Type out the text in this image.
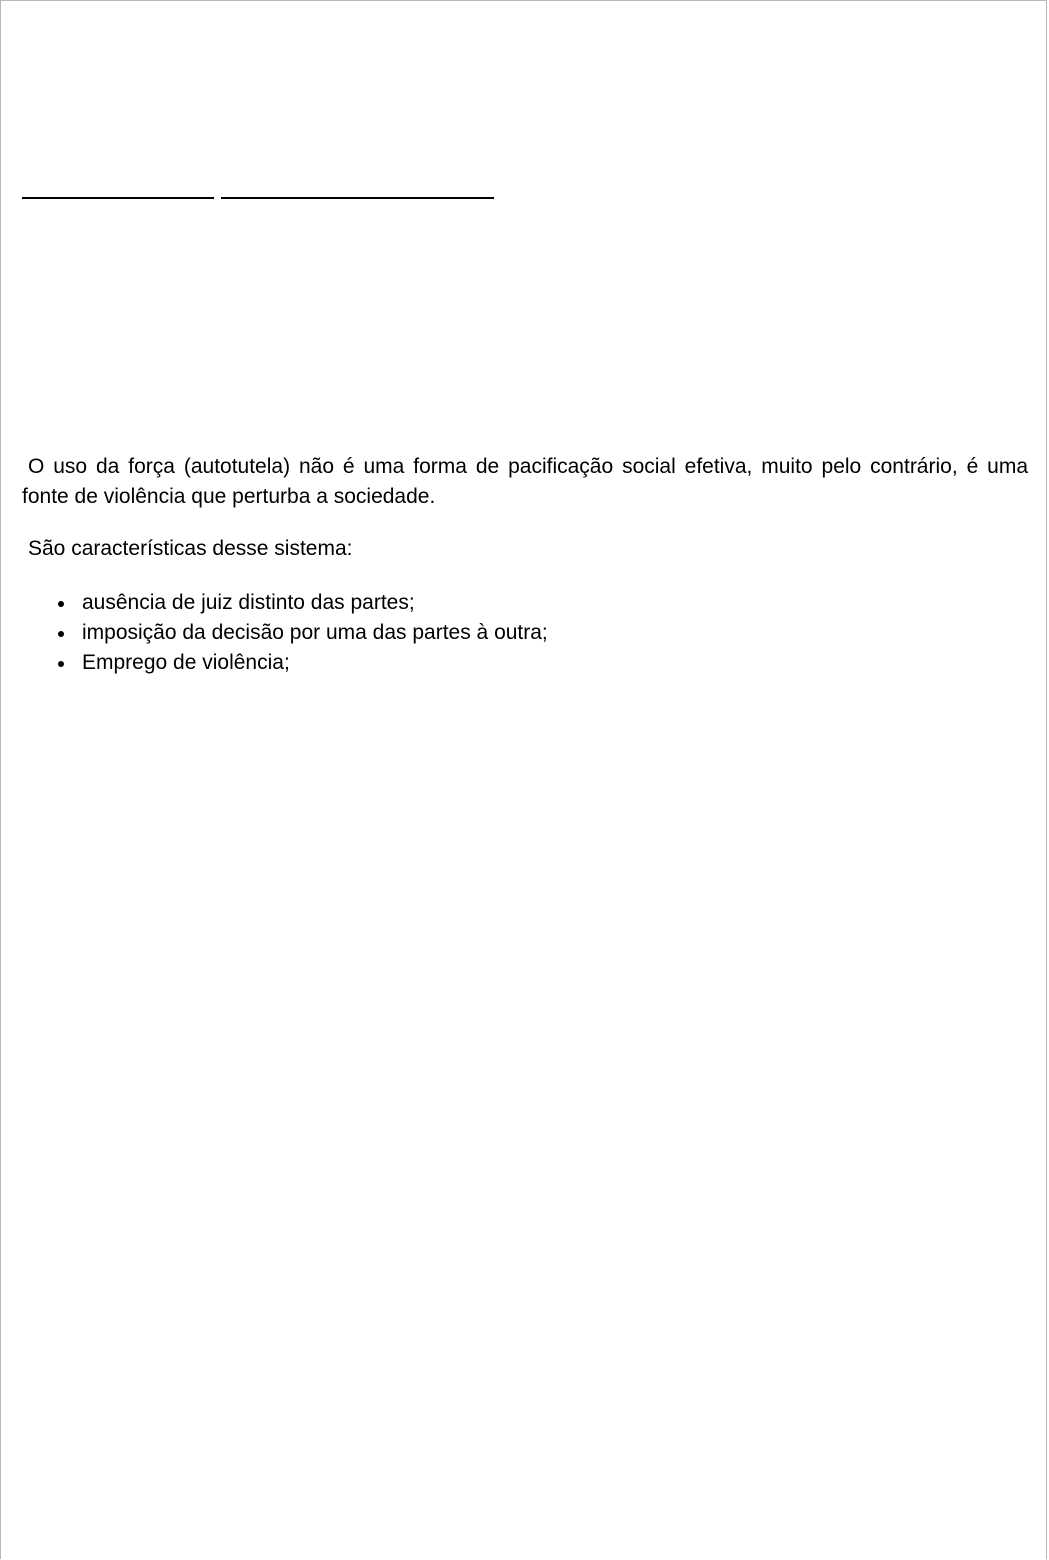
O uso da força (autotutela) não é uma forma de pacificação social efetiva, muito pelo contrário, é uma fonte de violência que perturba a sociedade.

São características desse sistema:

ausência de juiz distinto das partes;
imposição da decisão por uma das partes à outra;
Emprego de violência;
